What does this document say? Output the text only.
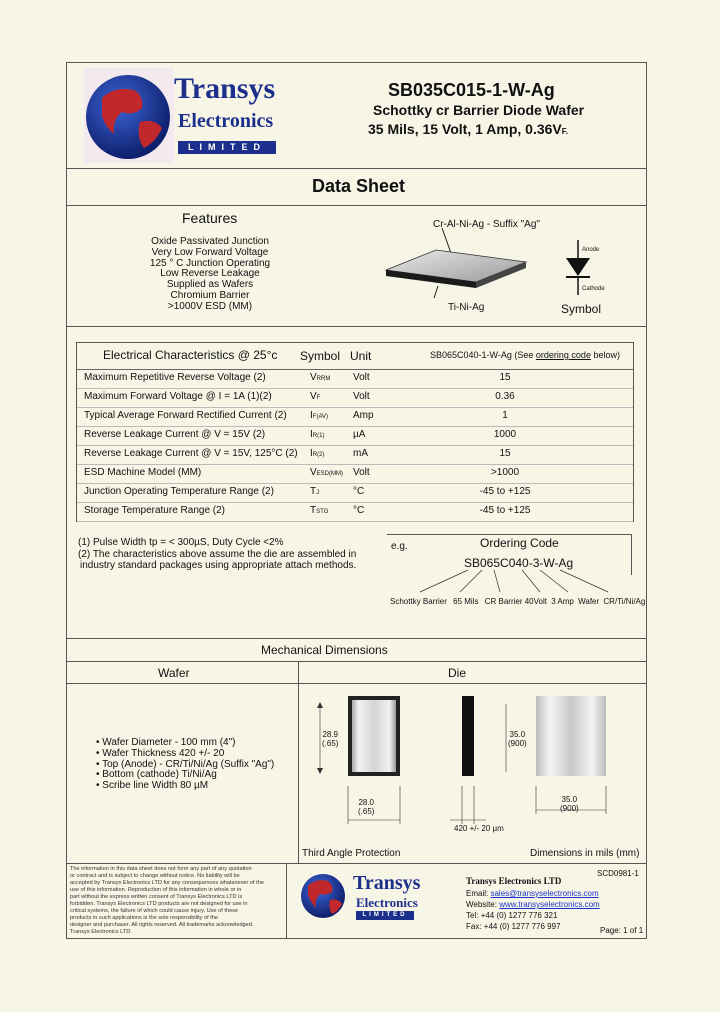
Transys
Electronics
LIMITED
SB035C015-1-W-Ag
Schottky cr Barrier Diode Wafer
35 Mils, 15 Volt, 1 Amp, 0.36VF.
Data Sheet
Features
Oxide Passivated Junction
Very Low Forward Voltage
125 ° C Junction Operating
Low Reverse Leakage
Supplied as Wafers
Chromium Barrier
>1000V ESD (MM)
Cr-Al-Ni-Ag - Suffix "Ag"
Ti-Ni-Ag
Anode
Cathode
Symbol
Electrical Characteristics @ 25°c Symbol Unit	SB065C040-1-W-Ag (See ordering code below)
Maximum Repetitive Reverse Voltage (2)	VRRM Volt	15
Maximum Forward Voltage @ I = 1A (1)(2)	VF	Volt	0.36
Typical Average Forward Rectified Current (2) IF(AV) Amp	1
Reverse Leakage Current @ V = 15V (2)	IR(1)	µA	1000
Reverse Leakage Current @ V = 15V, 125°C (2) IR(2)	mA	15
ESD Machine Model (MM)	VESD(MM) Volt	>1000
Junction Operating Temperature Range (2)	TJ	°C	-45 to +125
Storage Temperature Range (2)	TSTG °C	-45 to +125
(1) Pulse Width tp = < 300µS, Duty Cycle <2%
(2) The characteristics above assume the die are assembled in
industry standard packages using appropriate attach methods.
e.g.	Ordering Code
SB065C040-3-W-Ag
Schottky Barrier 65 Mils CR Barrier 40Volt 3 Amp Wafer CR/Ti/Ni/Ag
Mechanical Dimensions
Wafer	Die
• Wafer Diameter - 100 mm (4")
• Wafer Thickness 420 +/- 20
• Top (Anode) - CR/Ti/Ni/Ag (Suffix "Ag")
• Bottom (cathode) Ti/Ni/Ag
• Scribe line Width 80 µM
28.9
(.65)
28.0
(.65)
35.0
(900)
420 +/- 20 µm
35.0
(900)
Third Angle Protection	Dimensions in mils (mm)
The information in this data sheet does not form any part of any quotation
or contract and is subject to change without notice. No liability will be
accepted by Transys Electronics LTD for any consequences whatsoever of the
use of this information. Reproduction of this information in whole or in
part without the express written consent of Transys Electronics LTD is
forbidden. Transys Electronics LTD products are not designed for use in
critical systems, the failure of which could cause injury. Use of these
products in such applications is the sole responsibility of the
designer and purchaser. All rights reserved. All trademarks acknowledged.
Transys Electronics LTD.
Transys
Electronics
LIMITED
SCD0981-1
Transys Electronics LTD
Email: sales@transyselectronics.com
Website: www.transyselectronics.com
Tel: +44 (0) 1277 776 321
Fax: +44 (0) 1277 776 997	Page: 1 of 1
